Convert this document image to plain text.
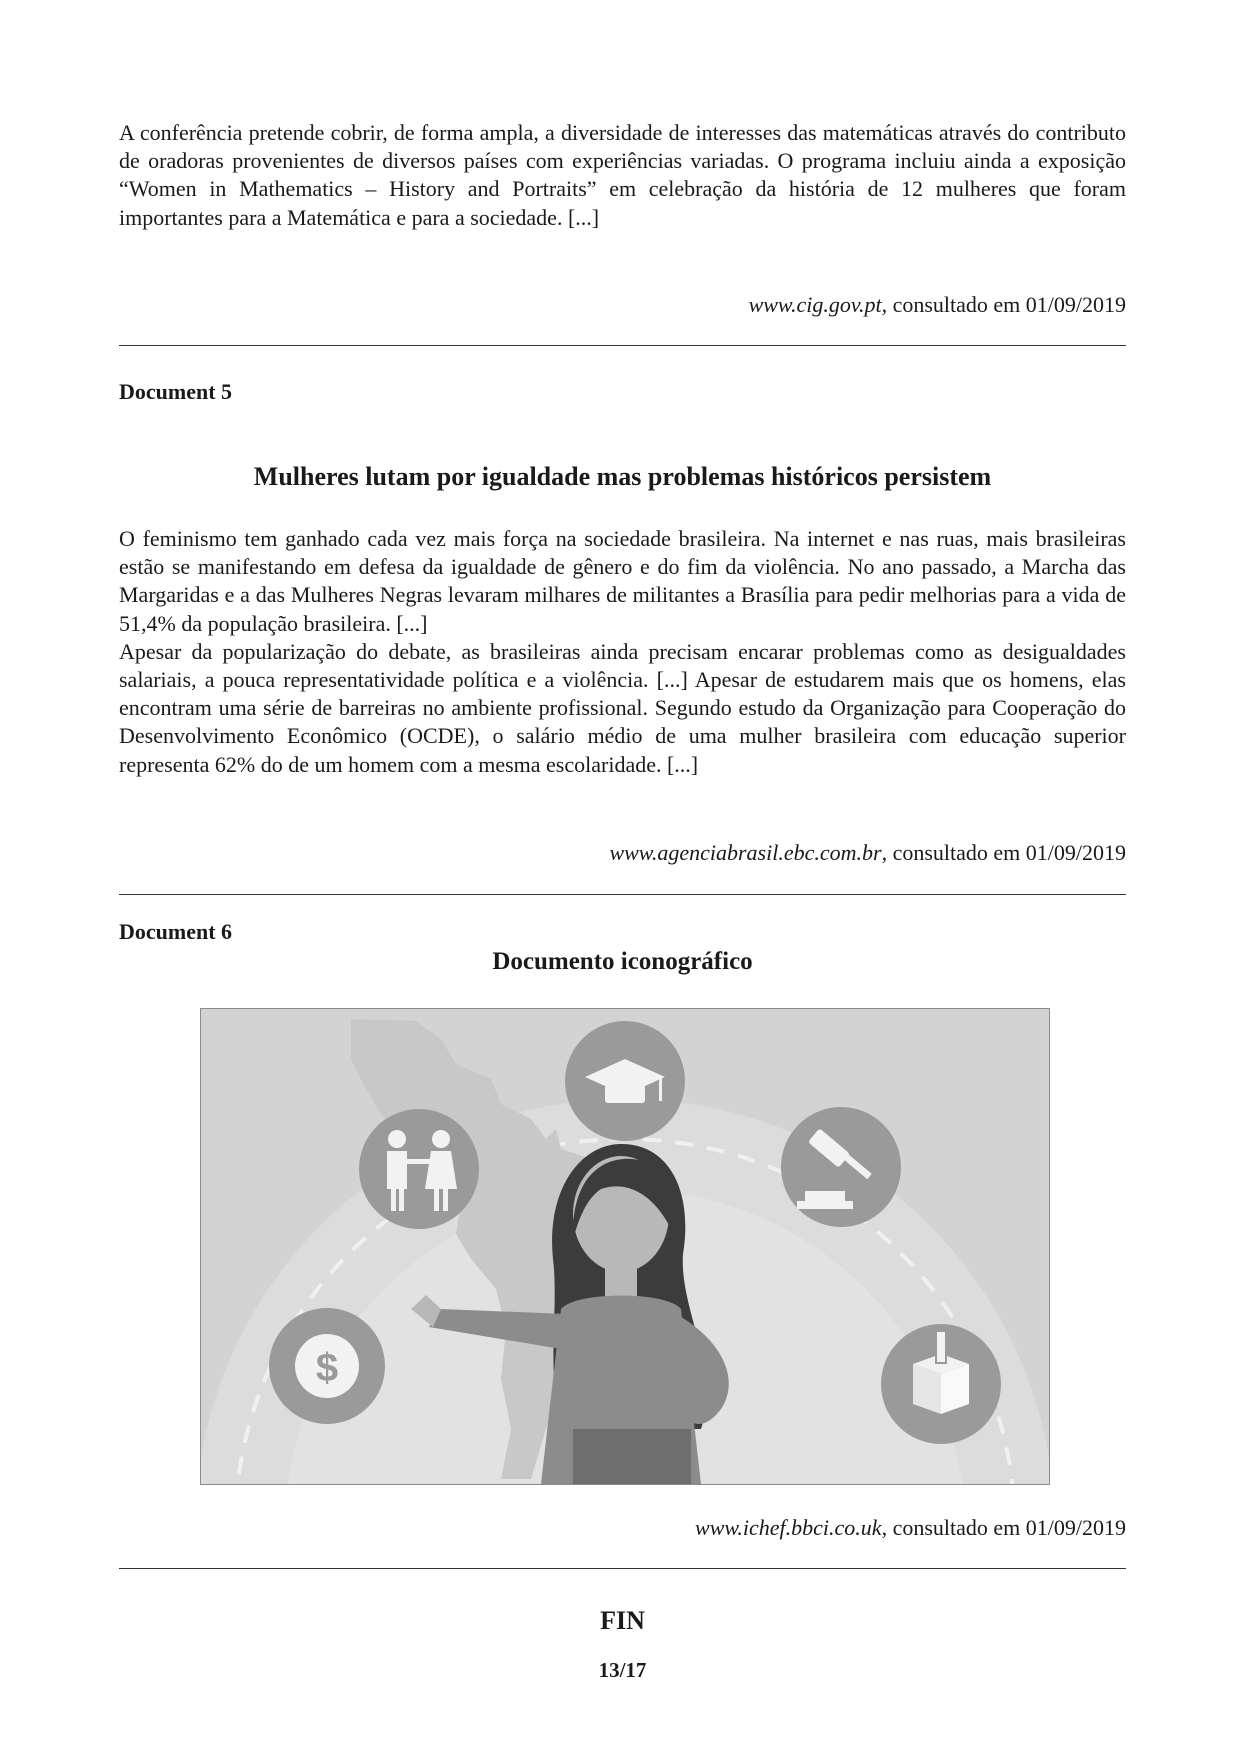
A conferência pretende cobrir, de forma ampla, a diversidade de interesses das matemáticas através do contributo de oradoras provenientes de diversos países com experiências variadas. O programa incluiu ainda a exposição “Women in Mathematics – History and Portraits” em celebração da história de 12 mulheres que foram importantes para a Matemática e para a sociedade. [...]

www.cig.gov.pt, consultado em 01/09/2019
Document 5
Mulheres lutam por igualdade mas problemas históricos persistem

O feminismo tem ganhado cada vez mais força na sociedade brasileira. Na internet e nas ruas, mais brasileiras estão se manifestando em defesa da igualdade de gênero e do fim da violência. No ano passado, a Marcha das Margaridas e a das Mulheres Negras levaram milhares de militantes a Brasília para pedir melhorias para a vida de 51,4% da população brasileira. [...]

Apesar da popularização do debate, as brasileiras ainda precisam encarar problemas como as desigualdades salariais, a pouca representatividade política e a violência. [...] Apesar de estudarem mais que os homens, elas encontram uma série de barreiras no ambiente profissional. Segundo estudo da Organização para Cooperação do Desenvolvimento Econômico (OCDE), o salário médio de uma mulher brasileira com educação superior representa 62% do de um homem com a mesma escolaridade. [...]

www.agenciabrasil.ebc.com.br, consultado em 01/09/2019
Document 6
Documento iconográfico
$
www.ichef.bbci.co.uk, consultado em 01/09/2019
FIN
13/17
